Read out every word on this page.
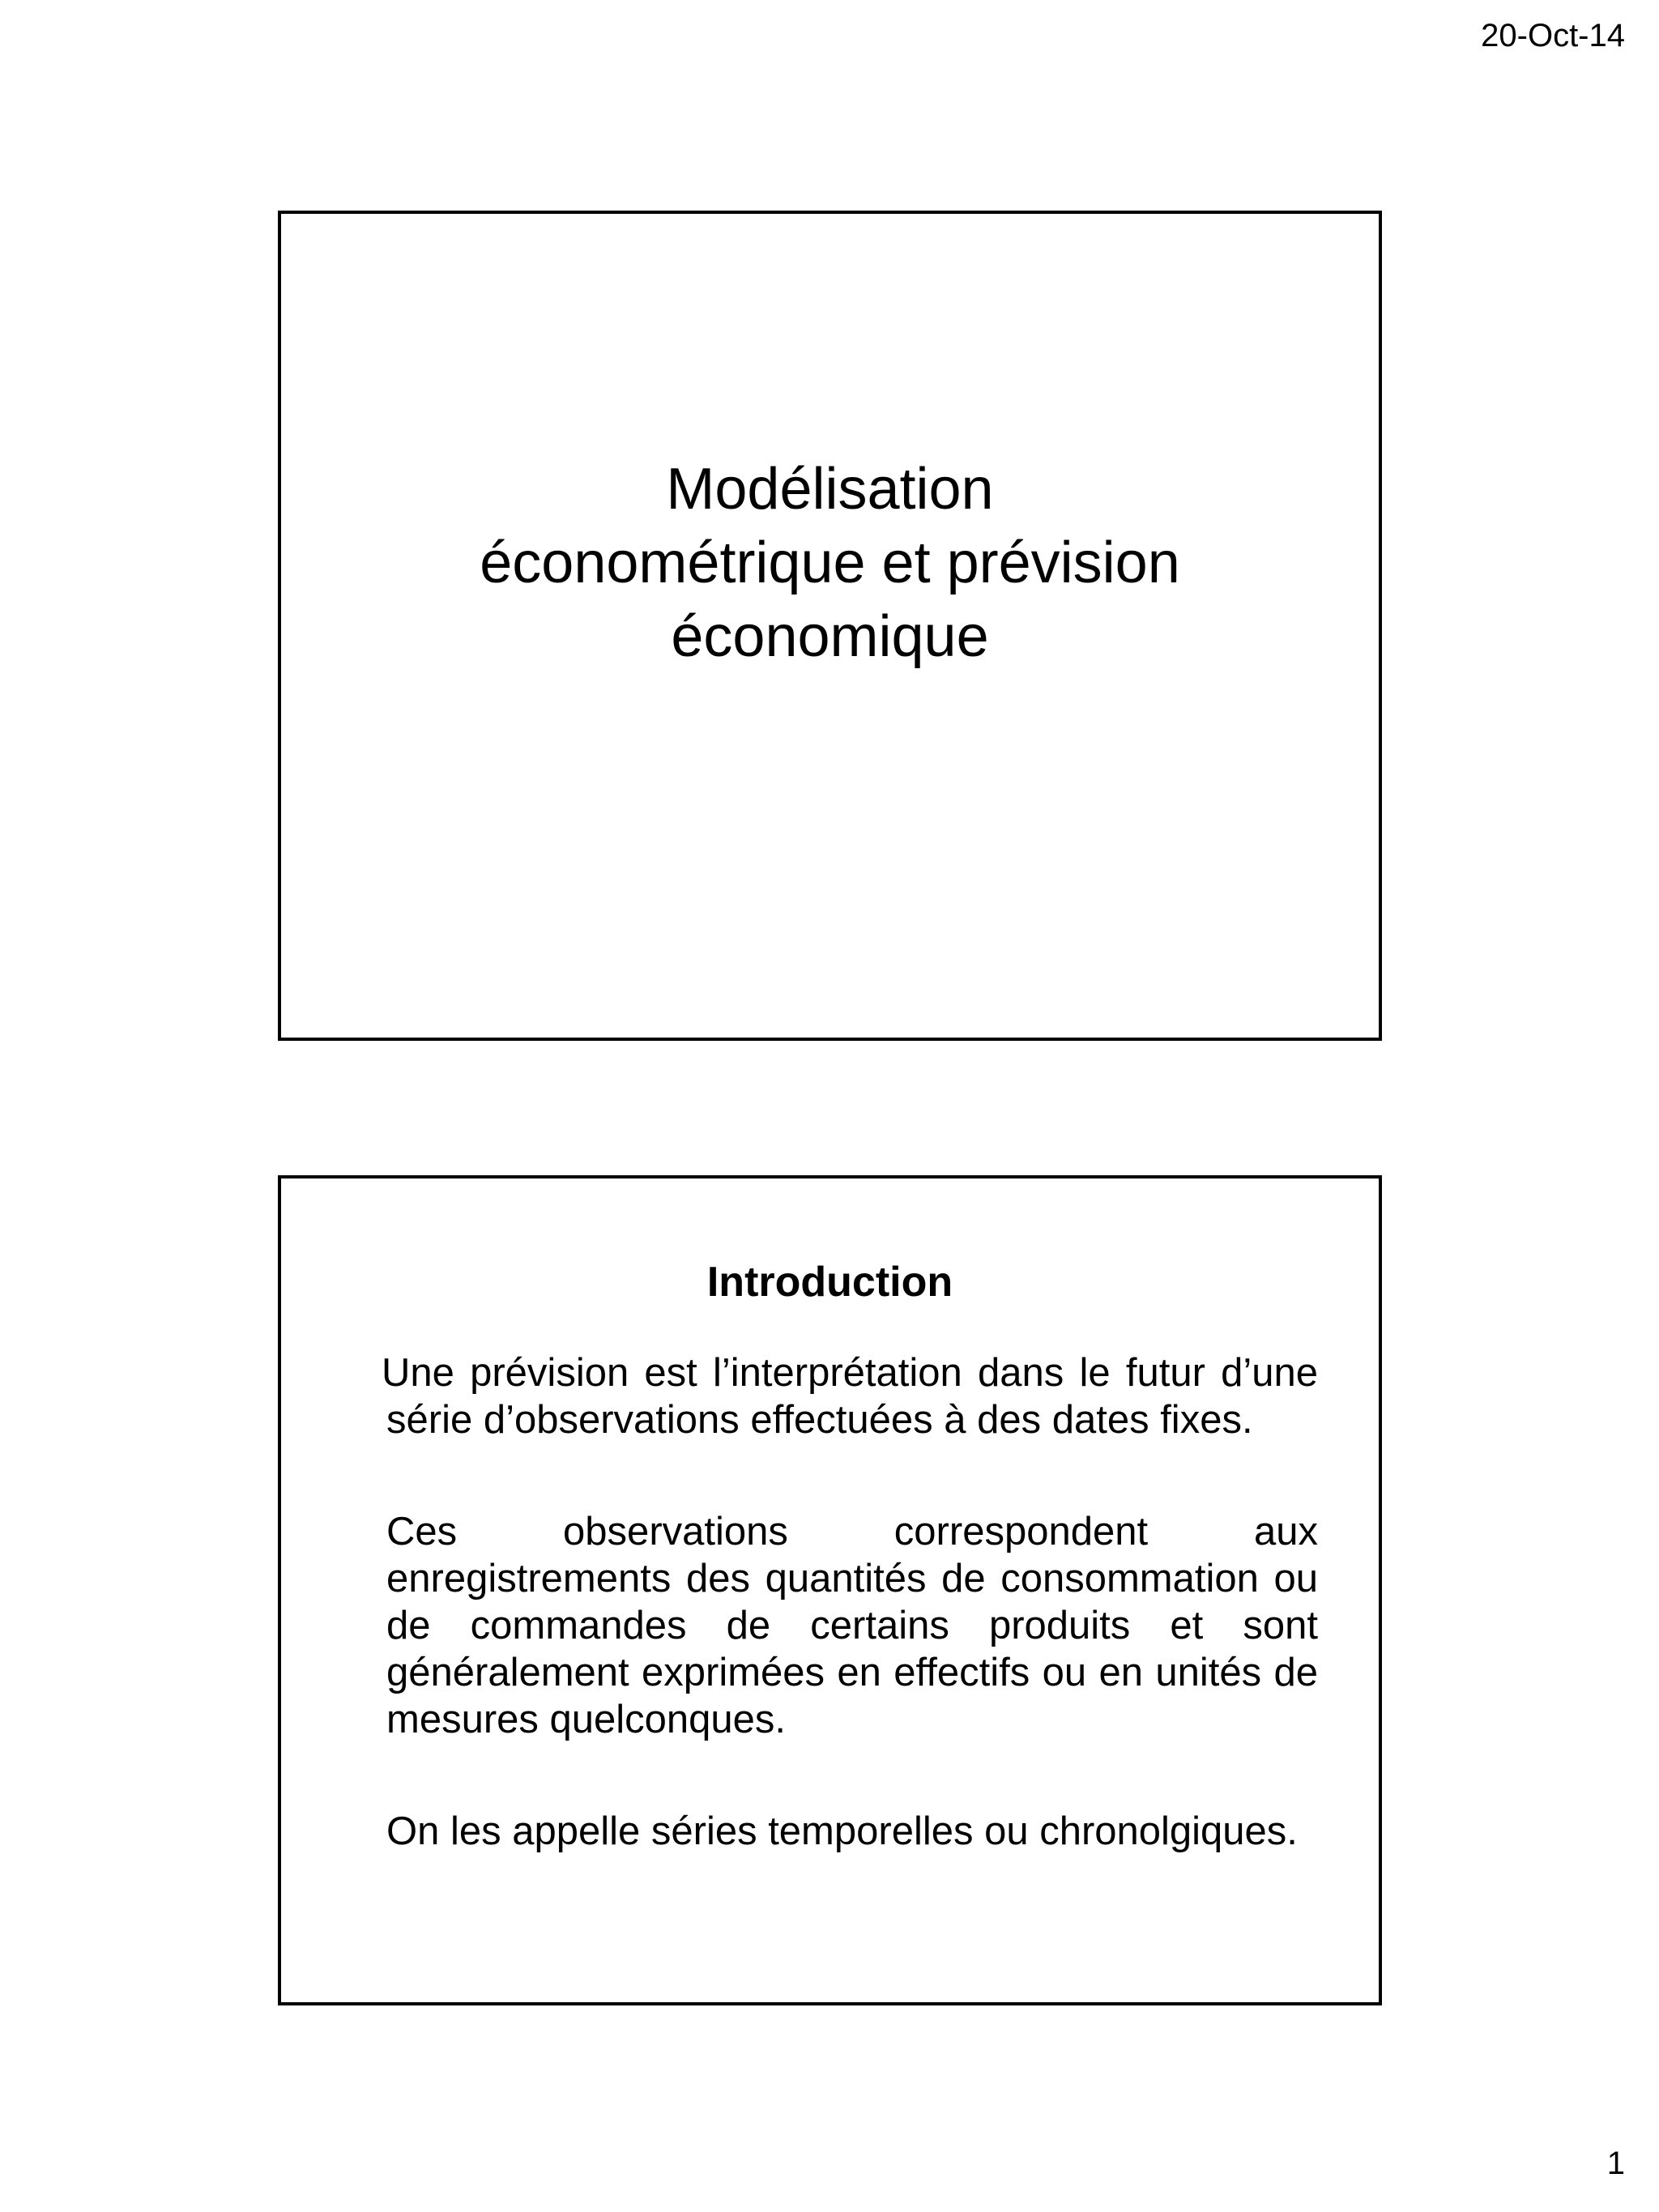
20-Oct-14
Modélisation
économétrique et prévision
économique
Introduction

Une prévision est l’interprétation dans le futur d’une série d’observations effectuées à des dates fixes.

Ces observations correspondent aux enregistrements des quantités de consommation ou de commandes de certains produits et sont généralement exprimées en effectifs ou en unités de mesures quelconques.

On les appelle séries temporelles ou chronolgiques.

1
